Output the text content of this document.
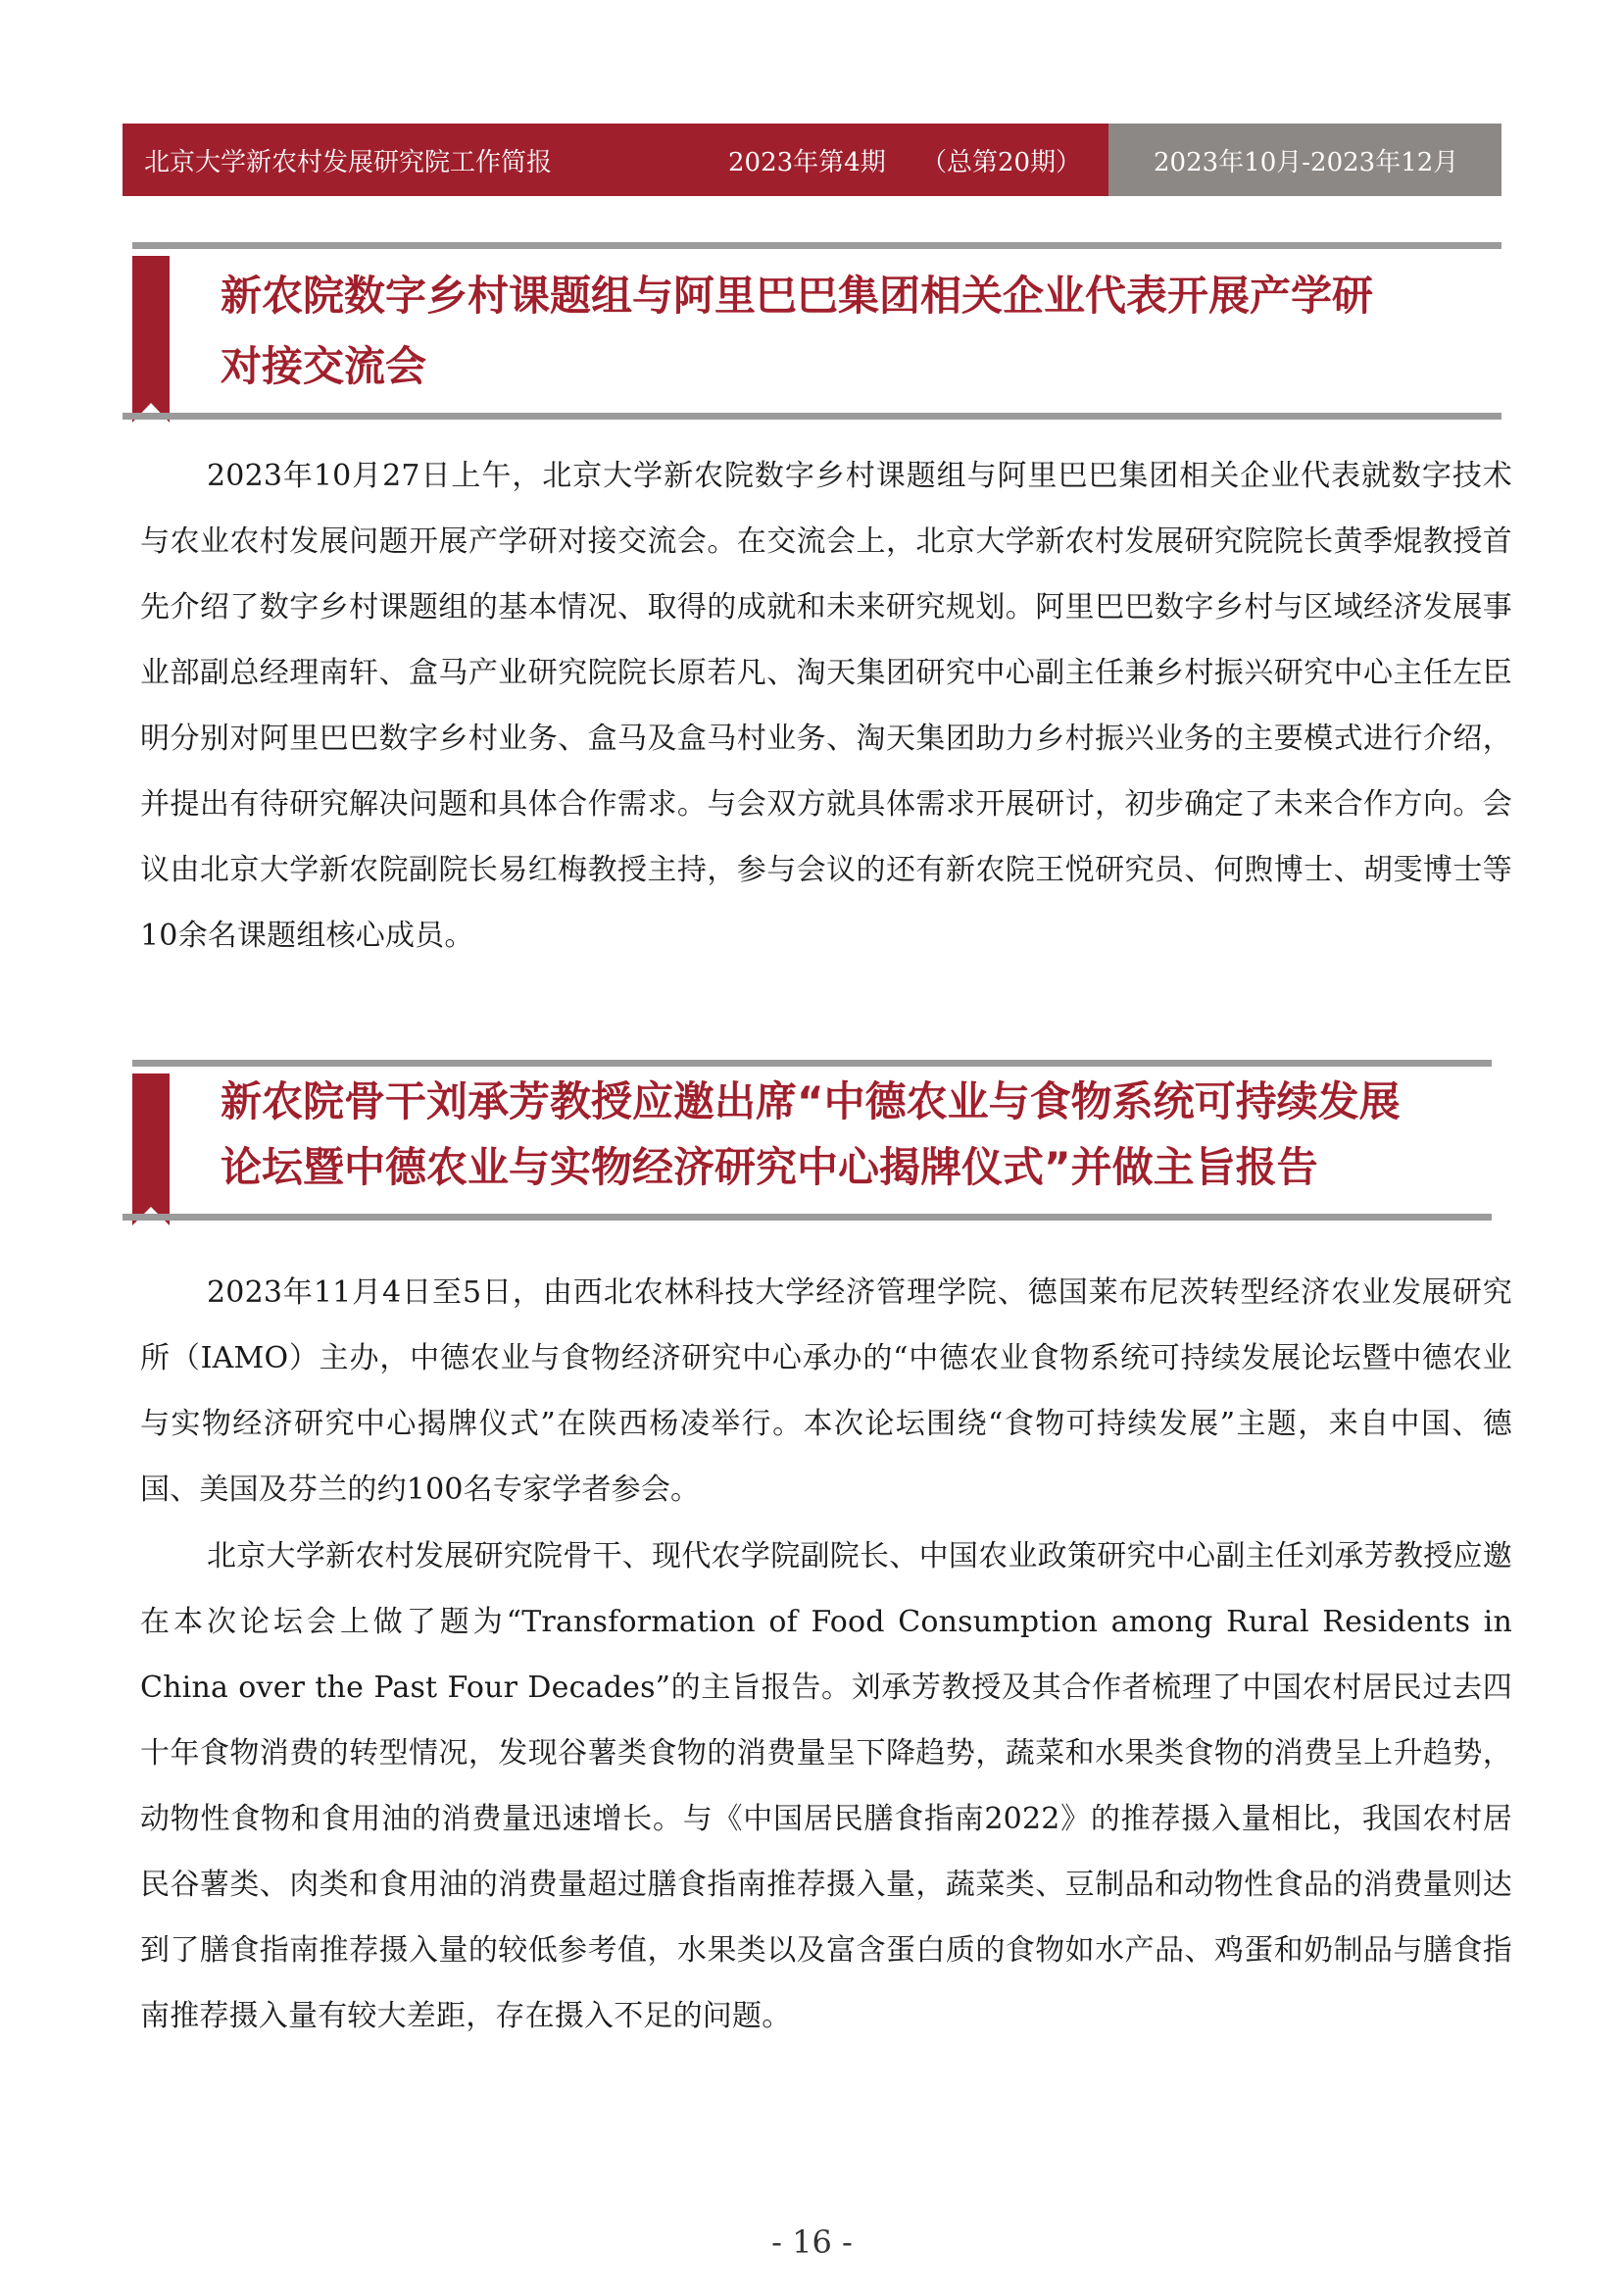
北京大学新农村发展研究院工作简报	2023年第4期 （总第20期）	2023年10月-2023年12月
新农院数字乡村课题组与阿里巴巴集团相关企业代表开展产学研
对接交流会
2023年10月27日上午，北京大学新农院数字乡村课题组与阿里巴巴集团相关企业代表就数字技术与农业农村发展问题开展产学研对接交流会。在交流会上，北京大学新农村发展研究院院长黄季焜教授首先介绍了数字乡村课题组的基本情况、取得的成就和未来研究规划。阿里巴巴数字乡村与区域经济发展事业部副总经理南轩、盒马产业研究院院长原若凡、淘天集团研究中心副主任兼乡村振兴研究中心主任左臣明分别对阿里巴巴数字乡村业务、盒马及盒马村业务、淘天集团助力乡村振兴业务的主要模式进行介绍，并提出有待研究解决问题和具体合作需求。与会双方就具体需求开展研讨，初步确定了未来合作方向。会议由北京大学新农院副院长易红梅教授主持，参与会议的还有新农院王悦研究员、何煦博士、胡雯博士等10余名课题组核心成员。
新农院骨干刘承芳教授应邀出席“中德农业与食物系统可持续发展
论坛暨中德农业与实物经济研究中心揭牌仪式”并做主旨报告
2023年11月4日至5日，由西北农林科技大学经济管理学院、德国莱布尼茨转型经济农业发展研究所（IAMO）主办，中德农业与食物经济研究中心承办的“中德农业食物系统可持续发展论坛暨中德农业与实物经济研究中心揭牌仪式”在陕西杨凌举行。本次论坛围绕“食物可持续发展”主题，来自中国、德国、美国及芬兰的约100名专家学者参会。
北京大学新农村发展研究院骨干、现代农学院副院长、中国农业政策研究中心副主任刘承芳教授应邀在本次论坛会上做了题为“Transformation of Food Consumption among Rural Residents in China over the Past Four Decades”的主旨报告。刘承芳教授及其合作者梳理了中国农村居民过去四十年食物消费的转型情况，发现谷薯类食物的消费量呈下降趋势，蔬菜和水果类食物的消费呈上升趋势，动物性食物和食用油的消费量迅速增长。与《中国居民膳食指南2022》的推荐摄入量相比，我国农村居民谷薯类、肉类和食用油的消费量超过膳食指南推荐摄入量，蔬菜类、豆制品和动物性食品的消费量则达到了膳食指南推荐摄入量的较低参考值，水果类以及富含蛋白质的食物如水产品、鸡蛋和奶制品与膳食指南推荐摄入量有较大差距，存在摄入不足的问题。
- 16 -
